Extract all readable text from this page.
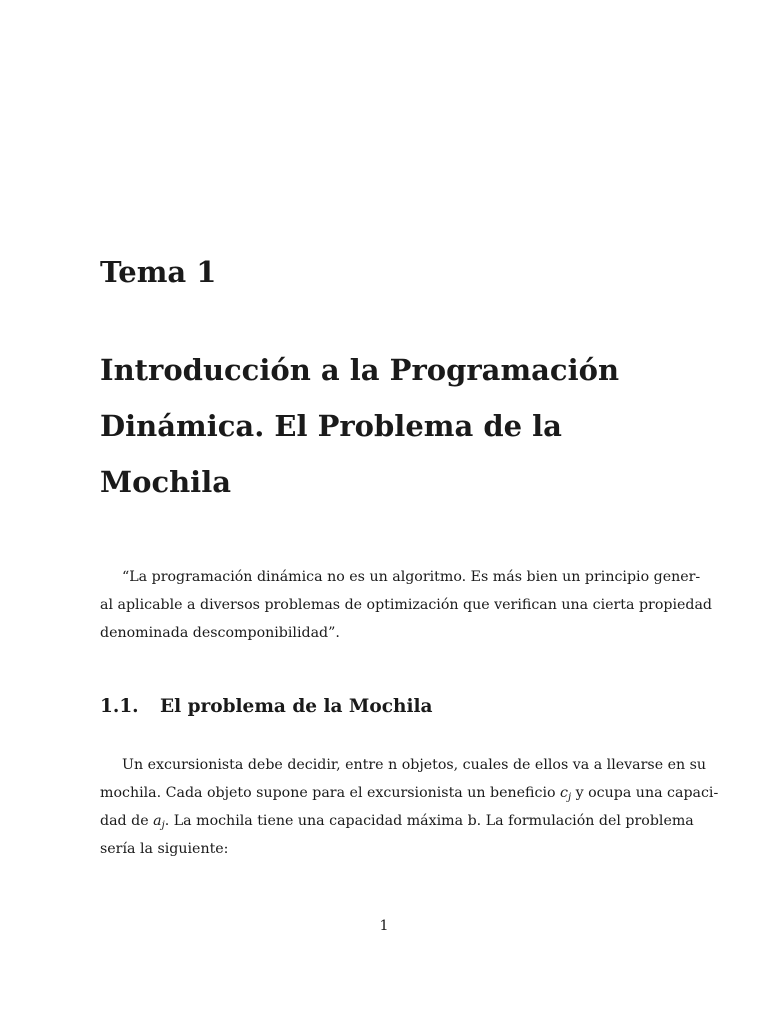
Tema 1
Introducción a la Programación
Dinámica. El Problema de la
Mochila

“La programación dinámica no es un algoritmo. Es más bien un principio gener-
al aplicable a diversos problemas de optimización que verifican una cierta propiedad
denominada descomponibilidad”.

1.1. El problema de la Mochila

Un excursionista debe decidir, entre n objetos, cuales de ellos va a llevarse en su
mochila. Cada objeto supone para el excursionista un beneficio $c_j$ y ocupa una capaci-
dad de $a_j$. La mochila tiene una capacidad máxima b. La formulación del problema
sería la siguiente:

1
